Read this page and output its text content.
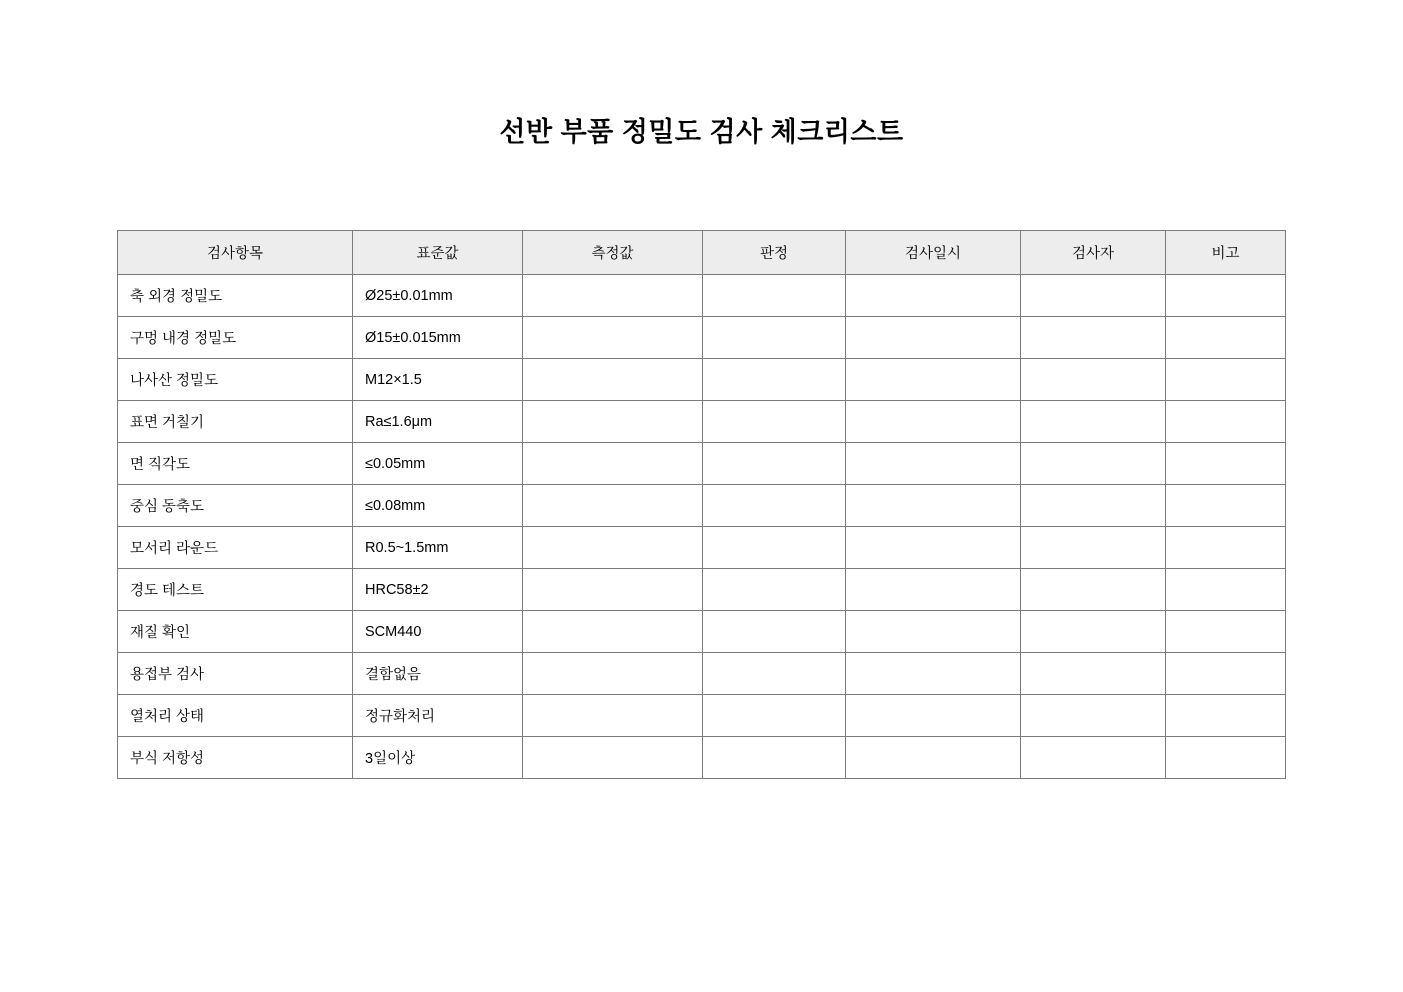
선반 부품 정밀도 검사 체크리스트
검사항목	표준값	측정값	판정	검사일시	검사자	비고
축 외경 정밀도	Ø25±0.01mm					
구멍 내경 정밀도	Ø15±0.015mm					
나사산 정밀도	M12×1.5					
표면 거칠기	Ra≤1.6μm					
면 직각도	≤0.05mm					
중심 동축도	≤0.08mm					
모서리 라운드	R0.5~1.5mm					
경도 테스트	HRC58±2					
재질 확인	SCM440					
용접부 검사	결함없음					
열처리 상태	정규화처리					
부식 저항성	3일이상					
